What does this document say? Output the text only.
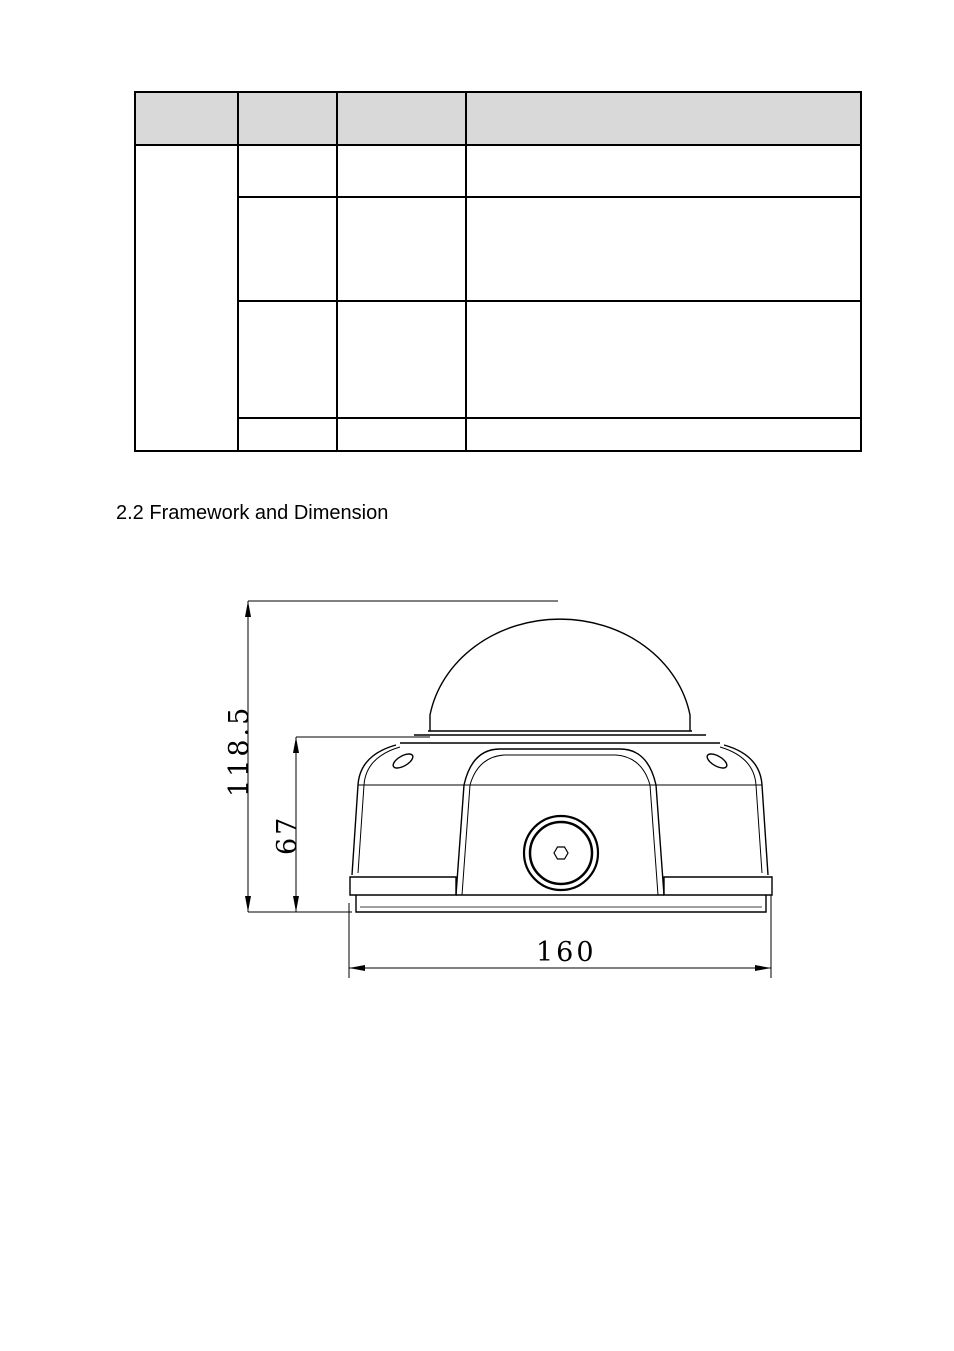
2.2 Framework and Dimension
118.5
67
160
